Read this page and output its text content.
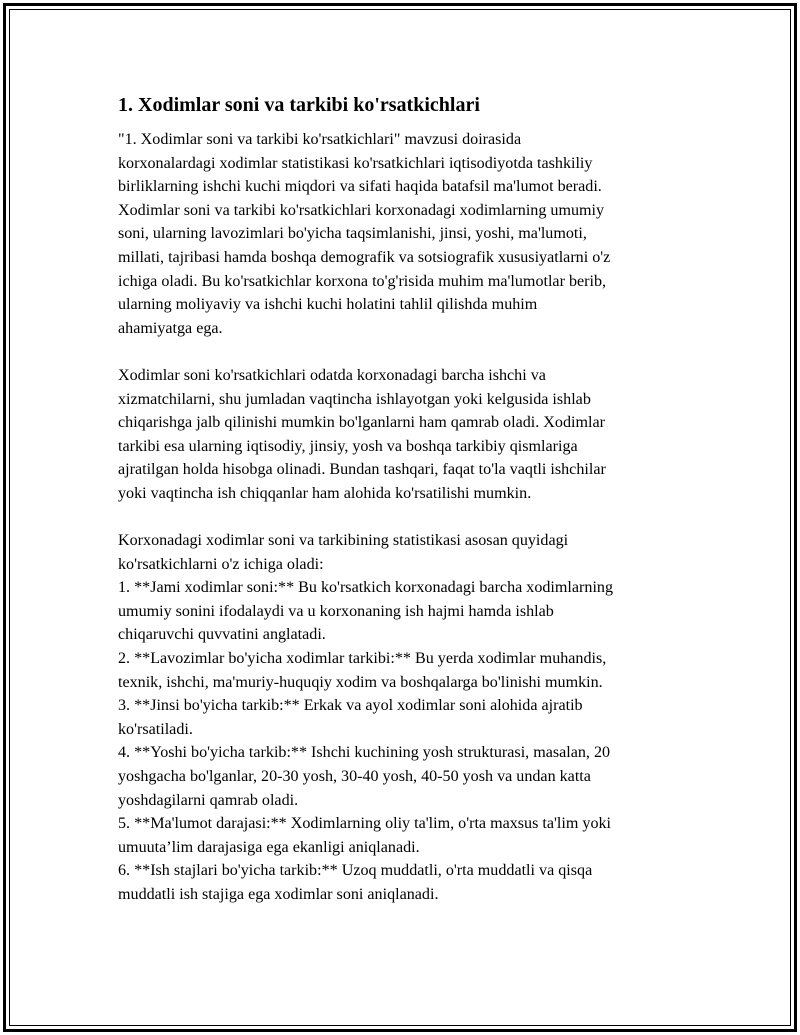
1. Xodimlar soni va tarkibi ko'rsatkichlari

"1. Xodimlar soni va tarkibi ko'rsatkichlari" mavzusi doirasida
korxonalardagi xodimlar statistikasi ko'rsatkichlari iqtisodiyotda tashkiliy
birliklarning ishchi kuchi miqdori va sifati haqida batafsil ma'lumot beradi.
Xodimlar soni va tarkibi ko'rsatkichlari korxonadagi xodimlarning umumiy
soni, ularning lavozimlari bo'yicha taqsimlanishi, jinsi, yoshi, ma'lumoti,
millati, tajribasi hamda boshqa demografik va sotsiografik xususiyatlarni o'z
ichiga oladi. Bu ko'rsatkichlar korxona to'g'risida muhim ma'lumotlar berib,
ularning moliyaviy va ishchi kuchi holatini tahlil qilishda muhim
ahamiyatga ega.

Xodimlar soni ko'rsatkichlari odatda korxonadagi barcha ishchi va
xizmatchilarni, shu jumladan vaqtincha ishlayotgan yoki kelgusida ishlab
chiqarishga jalb qilinishi mumkin bo'lganlarni ham qamrab oladi. Xodimlar
tarkibi esa ularning iqtisodiy, jinsiy, yosh va boshqa tarkibiy qismlariga
ajratilgan holda hisobga olinadi. Bundan tashqari, faqat to'la vaqtli ishchilar
yoki vaqtincha ish chiqqanlar ham alohida ko'rsatilishi mumkin.

Korxonadagi xodimlar soni va tarkibining statistikasi asosan quyidagi
ko'rsatkichlarni o'z ichiga oladi:
1. **Jami xodimlar soni:** Bu ko'rsatkich korxonadagi barcha xodimlarning
umumiy sonini ifodalaydi va u korxonaning ish hajmi hamda ishlab
chiqaruvchi quvvatini anglatadi.
2. **Lavozimlar bo'yicha xodimlar tarkibi:** Bu yerda xodimlar muhandis,
texnik, ishchi, ma'muriy-huquqiy xodim va boshqalarga bo'linishi mumkin.
3. **Jinsi bo'yicha tarkib:** Erkak va ayol xodimlar soni alohida ajratib
ko'rsatiladi.
4. **Yoshi bo'yicha tarkib:** Ishchi kuchining yosh strukturasi, masalan, 20
yoshgacha bo'lganlar, 20-30 yosh, 30-40 yosh, 40-50 yosh va undan katta
yoshdagilarni qamrab oladi.
5. **Ma'lumot darajasi:** Xodimlarning oliy ta'lim, o'rta maxsus ta'lim yoki
umuuta’lim darajasiga ega ekanligi aniqlanadi.
6. **Ish stajlari bo'yicha tarkib:** Uzoq muddatli, o'rta muddatli va qisqa
muddatli ish stajiga ega xodimlar soni aniqlanadi.
